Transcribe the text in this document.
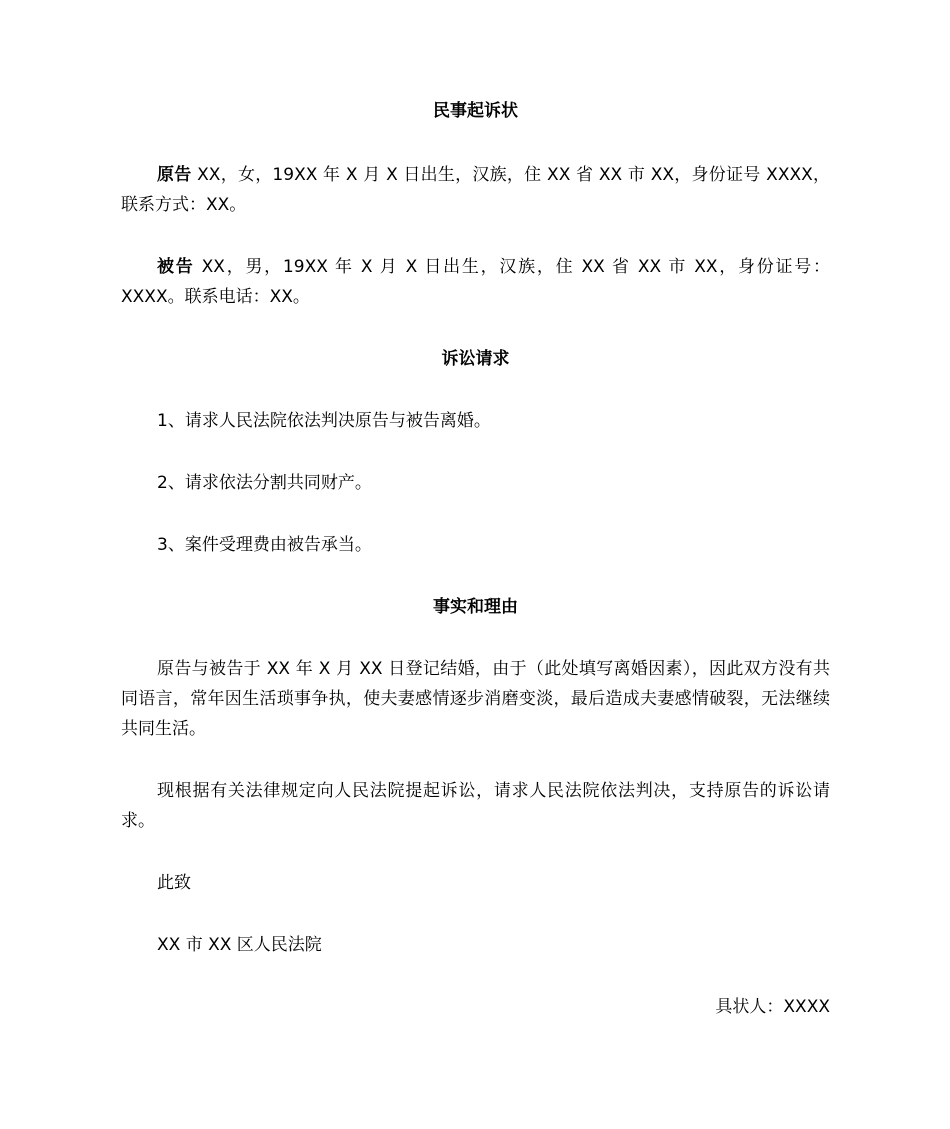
民事起诉状

原告 XX，女，19XX 年 X 月 X 日出生，汉族，住 XX 省 XX 市 XX，身份证号 XXXX，联系方式：XX。

被告 XX，男，19XX 年 X 月 X 日出生，汉族，住 XX 省 XX 市 XX，身份证号：XXXX。联系电话：XX。

诉讼请求

1、请求人民法院依法判决原告与被告离婚。

2、请求依法分割共同财产。

3、案件受理费由被告承当。

事实和理由

原告与被告于 XX 年 X 月 XX 日登记结婚，由于（此处填写离婚因素），因此双方没有共同语言，常年因生活琐事争执，使夫妻感情逐步消磨变淡，最后造成夫妻感情破裂，无法继续共同生活。

现根据有关法律规定向人民法院提起诉讼，请求人民法院依法判决，支持原告的诉讼请求。

此致

XX 市 XX 区人民法院

具状人：XXXX
